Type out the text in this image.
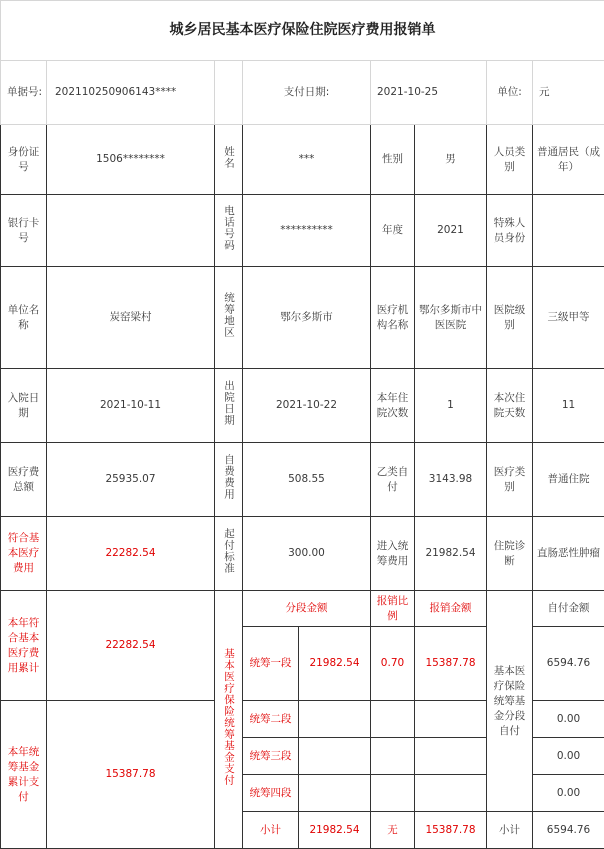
城乡居民基本医疗保险住院医疗费用报销单								
单据号:	20211025090614​3****		支付日期:		2021-10-25		单位:	元
身份证号	1506********	姓名	***		性别	男	人员类别	普通居民（成年）
银行卡号		电话号码	**********		年度	2021	特殊人员身份	
单位名称	炭窑梁村	统筹地区	鄂尔多斯市		医疗机构名称	鄂尔多斯市中医医院	医院级别	三级甲等
入院日期	2021-10-11	出院日期	2021-10-22		本年住院次数	1	本次住院天数	11
医疗费总额	25935.07	自费费用	508.55		乙类自付	3143.98	医疗类别	普通住院
符合基本医疗费用	22282.54	起付标准	300.00		进入统筹费用	21982.54	住院诊断	直肠恶性肿瘤
本年符合基本医疗费用累计	22282.54	基本医疗保险统筹基金支付	分段金额		报销比例	报销金额	基本医疗保险统筹基金分段自付	自付金额
			统筹一段	21982.54	0.70	15387.78		6594.76

本年统筹基金累计支付	15387.78		统筹二段					0.00
			统筹三段					0.00
			统筹四段					0.00
			小计	21982.54	无	15387.78	小计	6594.76
